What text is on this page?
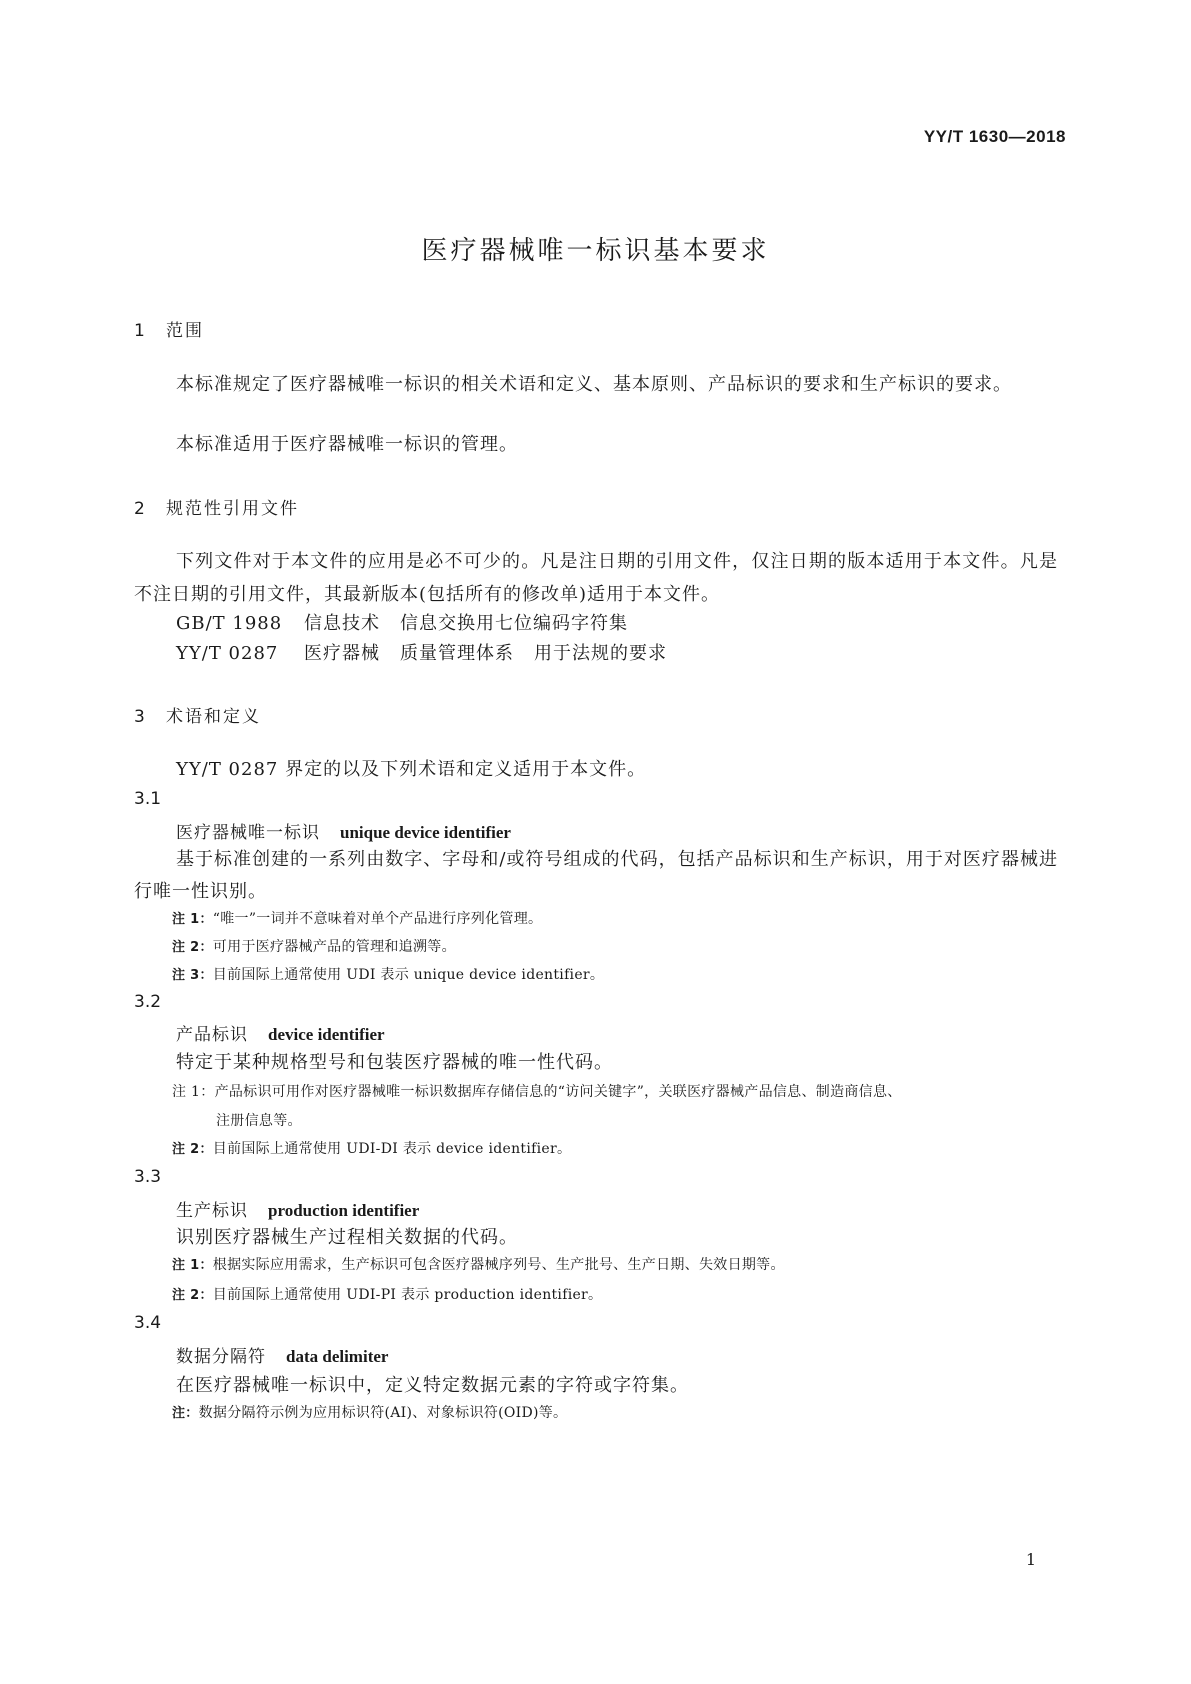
YY/T 1630—2018
医疗器械唯一标识基本要求
1 范围
本标准规定了医疗器械唯一标识的相关术语和定义、基本原则、产品标识的要求和生产标识的要求。
本标准适用于医疗器械唯一标识的管理。
2 规范性引用文件
下列文件对于本文件的应用是必不可少的。凡是注日期的引用文件，仅注日期的版本适用于本文件。凡是不注日期的引用文件，其最新版本(包括所有的修改单)适用于本文件。
GB/T 1988 信息技术 信息交换用七位编码字符集
YY/T 0287 医疗器械 质量管理体系 用于法规的要求
3 术语和定义
YY/T 0287 界定的以及下列术语和定义适用于本文件。
3.1
医疗器械唯一标识 unique device identifier
基于标准创建的一系列由数字、字母和/或符号组成的代码，包括产品标识和生产标识，用于对医疗器械进行唯一性识别。
注 1：“唯一”一词并不意味着对单个产品进行序列化管理。
注 2：可用于医疗器械产品的管理和追溯等。
注 3：目前国际上通常使用 UDI 表示 unique device identifier。
3.2
产品标识 device identifier
特定于某种规格型号和包装医疗器械的唯一性代码。
注 1：产品标识可用作对医疗器械唯一标识数据库存储信息的“访问关键字”，关联医疗器械产品信息、制造商信息、
注册信息等。
注 2：目前国际上通常使用 UDI-DI 表示 device identifier。
3.3
生产标识 production identifier
识别医疗器械生产过程相关数据的代码。
注 1：根据实际应用需求，生产标识可包含医疗器械序列号、生产批号、生产日期、失效日期等。
注 2：目前国际上通常使用 UDI-PI 表示 production identifier。
3.4
数据分隔符 data delimiter
在医疗器械唯一标识中，定义特定数据元素的字符或字符集。
注：数据分隔符示例为应用标识符(AI)、对象标识符(OID)等。
1
